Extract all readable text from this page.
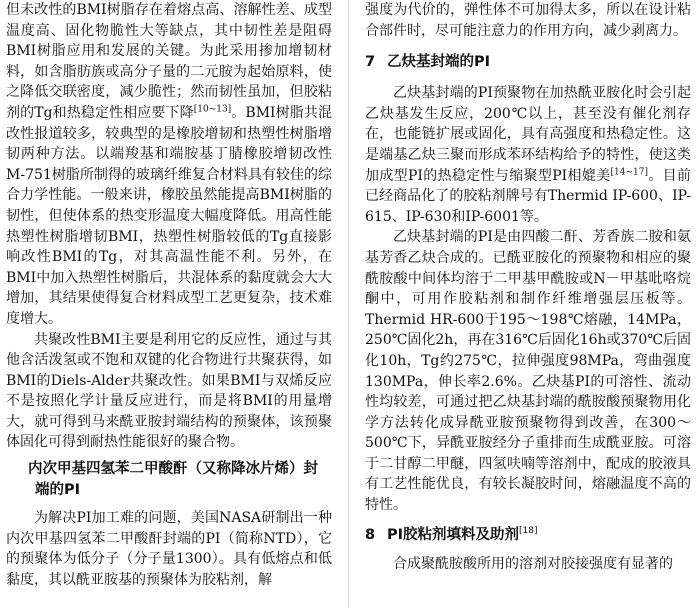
但未改性的BMI树脂存在着熔点高、溶解性差、成型温度高、固化物脆性大等缺点，其中韧性差是阻碍BMI树脂应用和发展的关键。为此采用掺加增韧材料，如含脂肪族或高分子量的二元胺为起始原料，使之降低交联密度，减少脆性；然而韧性虽加，但胶粘剂的Tg和热稳定性相应要下降[10~13]。BMI树脂共混改性报道较多，较典型的是橡胶增韧和热塑性树脂增韧两种方法。以端羧基和端胺基丁腈橡胶增韧改性M-751树脂所制得的玻璃纤维复合材料具有较佳的综合力学性能。一般来讲，橡胶虽然能提高BMI树脂的韧性，但使体系的热变形温度大幅度降低。用高性能热塑性树脂增韧BMI，热塑性树脂较低的Tg直接影响改性BMI的Tg，对其高温性能不利。另外，在BMI中加入热塑性树脂后，共混体系的黏度就会大大增加，其结果使得复合材料成型工艺更复杂，技术难度增大。

共聚改性BMI主要是利用它的反应性，通过与其他含活泼氢或不饱和双键的化合物进行共聚获得，如BMI的Diels-Alder共聚改性。如果BMI与双烯反应不是按照化学计量反应进行，而是将BMI的用量增大，就可得到马来酰亚胺封端结构的预聚体，该预聚体固化可得到耐热性能很好的聚合物。

内次甲基四氢苯二甲酸酐（又称降冰片烯）封端的PI

为解决PI加工难的问题，美国NASA研制出一种内次甲基四氢苯二甲酸酐封端的PI（简称NTD），它的预聚体为低分子（分子量1300）。具有低熔点和低黏度，其以酰亚胺基的预聚体为胶粘剂，解

强度为代价的，弹性体不可加得太多，所以在设计粘合部件时，尽可能注意力的作用方向，减少剥离力。

7 乙炔基封端的PI

乙炔基封端的PI预聚物在加热酰亚胺化时会引起乙炔基发生反应，200℃以上，甚至没有催化剂存在，也能链扩展或固化，具有高强度和热稳定性。这是端基乙炔三聚而形成苯环结构给予的特性，使这类加成型PI的热稳定性与缩聚型PI相媲美[14~17]。目前已经商品化了的胶粘剂牌号有Thermid IP-600、IP-615、IP-630和IP-6001等。

乙炔基封端的PI是由四酸二酐、芳香族二胺和氨基芳香乙炔合成的。已酰亚胺化的预聚物和相应的聚酰胺酸中间体均溶于二甲基甲酰胺或N－甲基吡咯烷酮中，可用作胶粘剂和制作纤维增强层压板等。Thermid HR-600于195～198℃熔融，14MPa，250℃固化2h，再在316℃后固化16h或370℃后固化10h，Tg约275℃，拉伸强度98MPa，弯曲强度130MPa，伸长率2.6%。乙炔基PI的可溶性、流动性均较差，可通过把乙炔基封端的酰胺酸预聚物用化学方法转化成异酰亚胺预聚物得到改善，在300～500℃下，异酰亚胺经分子重排而生成酰亚胺。可溶于二甘醇二甲醚，四氢呋喃等溶剂中，配成的胶液具有工艺性能优良，有较长凝胶时间，熔融温度不高的特性。

8 PI胶粘剂填料及助剂[18]

合成聚酰胺酸所用的溶剂对胶接强度有显著的
